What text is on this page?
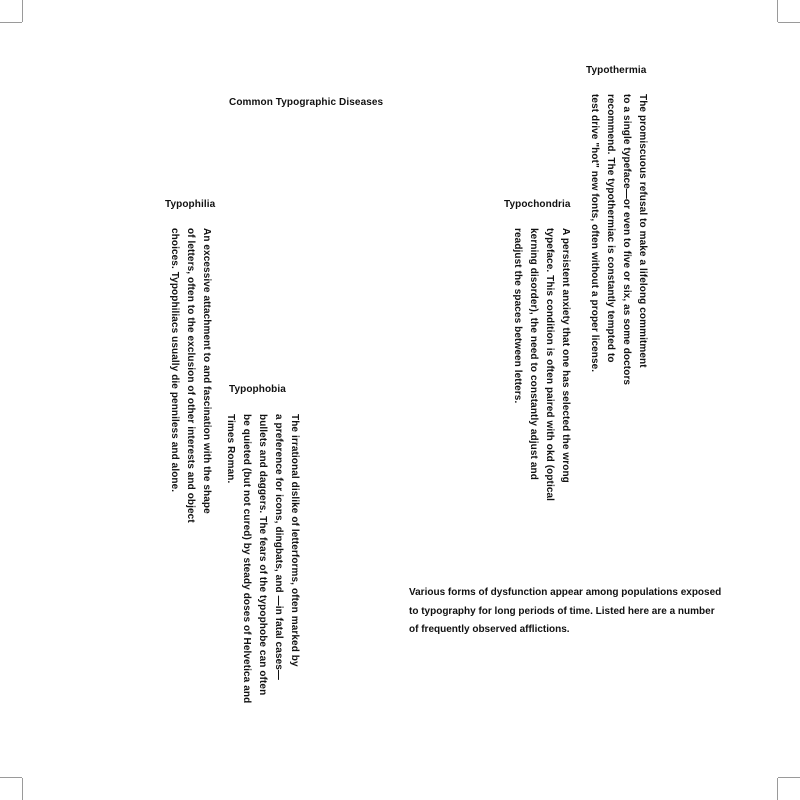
Common Typographic Diseases
Typothermia
The promiscuous refusal to make a lifelong commitment
to a single typeface—or even to five or six, as some doctors
recommend. The typothermiac is constantly tempted to
test drive "hot" new fonts, often without a proper license.
Typochondria
A persistent anxiety that one has selected the wrong
typeface. This condition is often paired with okd (optical
kerning disorder), the need to constantly adjust and
readjust the spaces between letters.
Typophilia
An excessive attachment to and fascination with the shape
of letters, often to the exclusion of other interests and object
choices. Typophiliacs usually die penniless and alone.
Typophobia
The irrational dislike of letterforms, often marked by
a preference for icons, dingbats, and —in fatal cases—
bullets and daggers. The fears of the typophobe can often
be quieted (but not cured) by steady doses of Helvetica and
Times Roman.
Various forms of dysfunction appear among populations exposed
to typography for long periods of time. Listed here are a number
of frequently observed afflictions.
